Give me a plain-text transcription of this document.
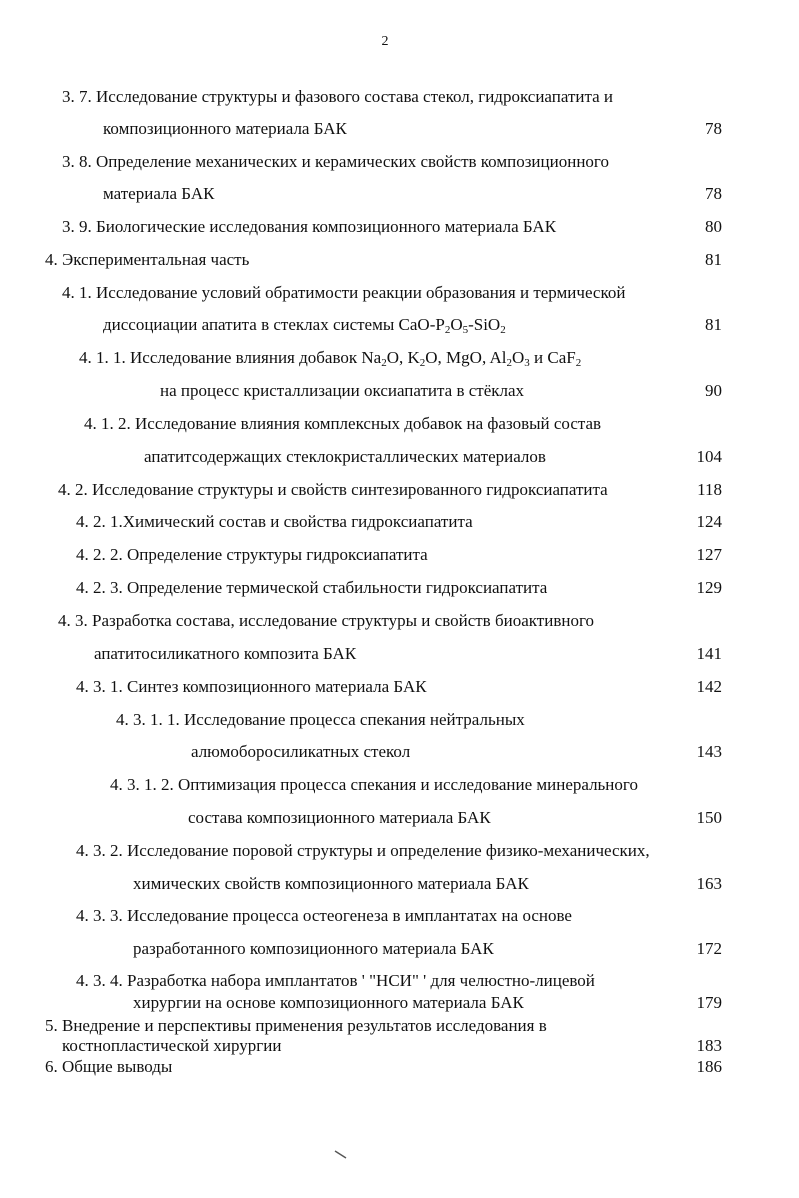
2
3. 7. Исследование структуры и фазового состава стекол, гидроксиапатита и
композиционного материала БАК	78
3. 8. Определение механических и керамических свойств композиционного
материала БАК	78
3. 9. Биологические исследования композиционного материала БАК	80
4. Экспериментальная часть	81
4. 1. Исследование условий обратимости реакции образования и термической
диссоциации апатита в стеклах системы CaO-$P_2O_5-SiO_2$	81
4. 1. 1. Исследование влияния добавок $Na_2O$, $K_2O$, MgO, $Al_2O_3$ и CaF$_2$
на процесс кристаллизации оксиапатита в стёклах	90
4. 1. 2. Исследование влияния комплексных добавок на фазовый состав
апатитсодержащих стеклокристаллических материалов	104
4. 2. Исследование структуры и свойств синтезированного гидроксиапатита	118
4. 2. 1.Химический состав и свойства гидроксиапатита	124
4. 2. 2. Определение структуры гидроксиапатита	127
4. 2. 3. Определение термической стабильности гидроксиапатита	129
4. 3. Разработка состава, исследование структуры и свойств биоактивного
апатитосиликатного композита БАК	141
4. 3. 1. Синтез композиционного материала БАК	142
4. 3. 1. 1. Исследование процесса спекания нейтральных
алюмоборосиликатных стекол	143
4. 3. 1. 2. Оптимизация процесса спекания и исследование минерального
состава композиционного материала БАК	150
4. 3. 2. Исследование поровой структуры и определение физико-механических,
химических свойств композиционного материала БАК	163
4. 3. 3. Исследование процесса остеогенеза в имплантатах на основе
разработанного композиционного материала БАК	172
4. 3. 4. Разработка набора имплантатов ' "НСИ" ' для челюстно-лицевой
хирургии на основе композиционного материала БАК	179
5. Внедрение и перспективы применения результатов исследования в
костнопластической хирургии	183
6. Общие выводы	186
